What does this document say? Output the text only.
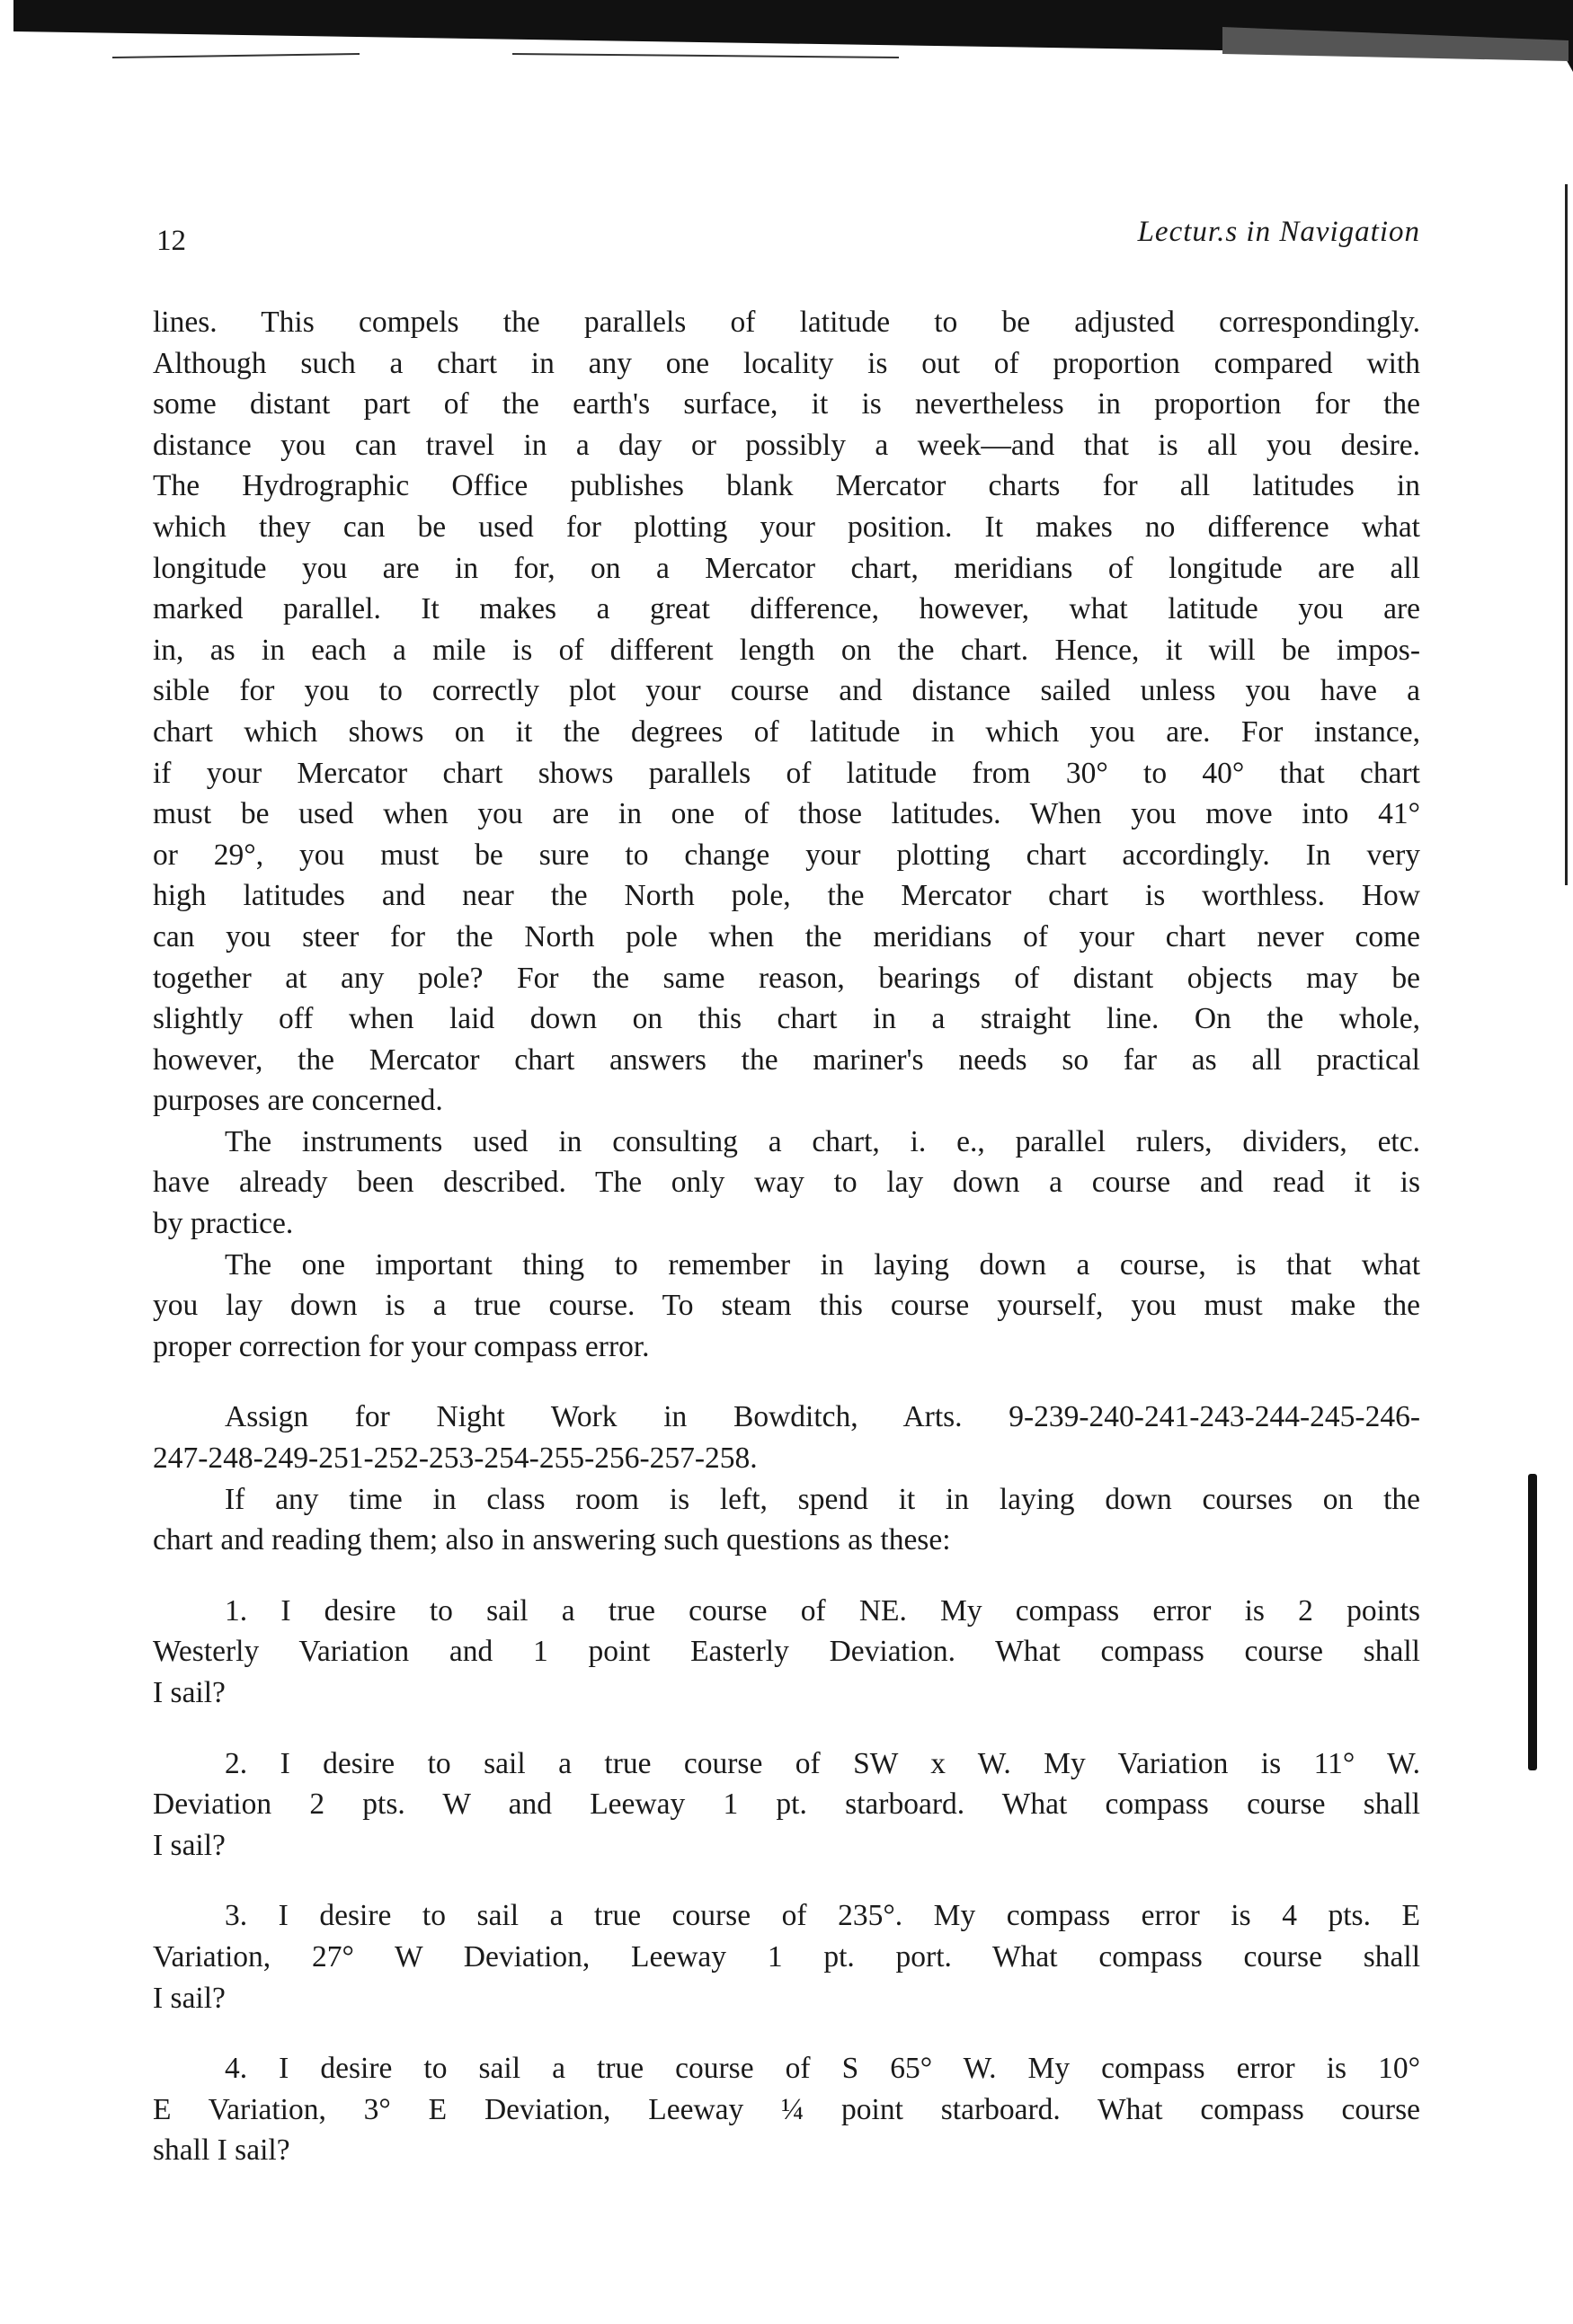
12	Lectur.s in Navigation
lines. This compels the parallels of latitude to be adjusted correspondingly.
Although such a chart in any one locality is out of proportion compared with
some distant part of the earth's surface, it is nevertheless in proportion for the
distance you can travel in a day or possibly a week—and that is all you desire.
The Hydrographic Office publishes blank Mercator charts for all latitudes in
which they can be used for plotting your position. It makes no difference what
longitude you are in for, on a Mercator chart, meridians of longitude are all
marked parallel. It makes a great difference, however, what latitude you are
in, as in each a mile is of different length on the chart. Hence, it will be impos-
sible for you to correctly plot your course and distance sailed unless you have a
chart which shows on it the degrees of latitude in which you are. For instance,
if your Mercator chart shows parallels of latitude from 30° to 40° that chart
must be used when you are in one of those latitudes. When you move into 41°
or 29°, you must be sure to change your plotting chart accordingly. In very
high latitudes and near the North pole, the Mercator chart is worthless. How
can you steer for the North pole when the meridians of your chart never come
together at any pole? For the same reason, bearings of distant objects may be
slightly off when laid down on this chart in a straight line. On the whole,
however, the Mercator chart answers the mariner's needs so far as all practical
purposes are concerned.
The instruments used in consulting a chart, i. e., parallel rulers, dividers, etc.
have already been described. The only way to lay down a course and read it is
by practice.
The one important thing to remember in laying down a course, is that what
you lay down is a true course. To steam this course yourself, you must make the
proper correction for your compass error.
Assign for Night Work in Bowditch, Arts. 9-239-240-241-243-244-245-246-
247-248-249-251-252-253-254-255-256-257-258.
If any time in class room is left, spend it in laying down courses on the
chart and reading them; also in answering such questions as these:
1. I desire to sail a true course of NE. My compass error is 2 points
Westerly Variation and 1 point Easterly Deviation. What compass course shall
I sail?
2. I desire to sail a true course of SW x W. My Variation is 11° W.
Deviation 2 pts. W and Leeway 1 pt. starboard. What compass course shall
I sail?
3. I desire to sail a true course of 235°. My compass error is 4 pts. E
Variation, 27° W Deviation, Leeway 1 pt. port. What compass course shall
I sail?
4. I desire to sail a true course of S 65° W. My compass error is 10°
E Variation, 3° E Deviation, Leeway ¼ point starboard. What compass course
shall I sail?
